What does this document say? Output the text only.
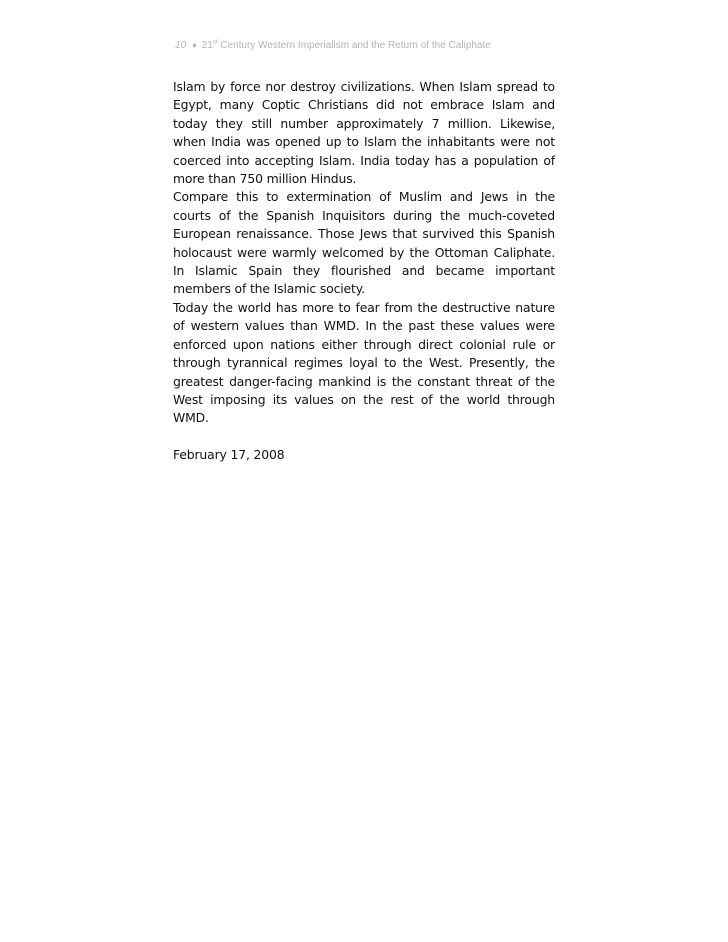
10 ♦ 21st Century Western Imperialism and the Return of the Caliphate

Islam by force nor destroy civilizations. When Islam spread to Egypt, many Coptic Christians did not embrace Islam and today they still number approximately 7 million. Likewise, when India was opened up to Islam the inhabitants were not coerced into accepting Islam. India today has a population of more than 750 million Hindus.

Compare this to extermination of Muslim and Jews in the courts of the Spanish Inquisitors during the much-coveted European renaissance. Those Jews that survived this Spanish holocaust were warmly welcomed by the Ottoman Caliphate. In Islamic Spain they flourished and became important members of the Islamic society.

Today the world has more to fear from the destructive nature of western values than WMD. In the past these values were enforced upon nations either through direct colonial rule or through tyrannical regimes loyal to the West. Presently, the greatest danger-facing mankind is the constant threat of the West imposing its values on the rest of the world through WMD.

February 17, 2008
